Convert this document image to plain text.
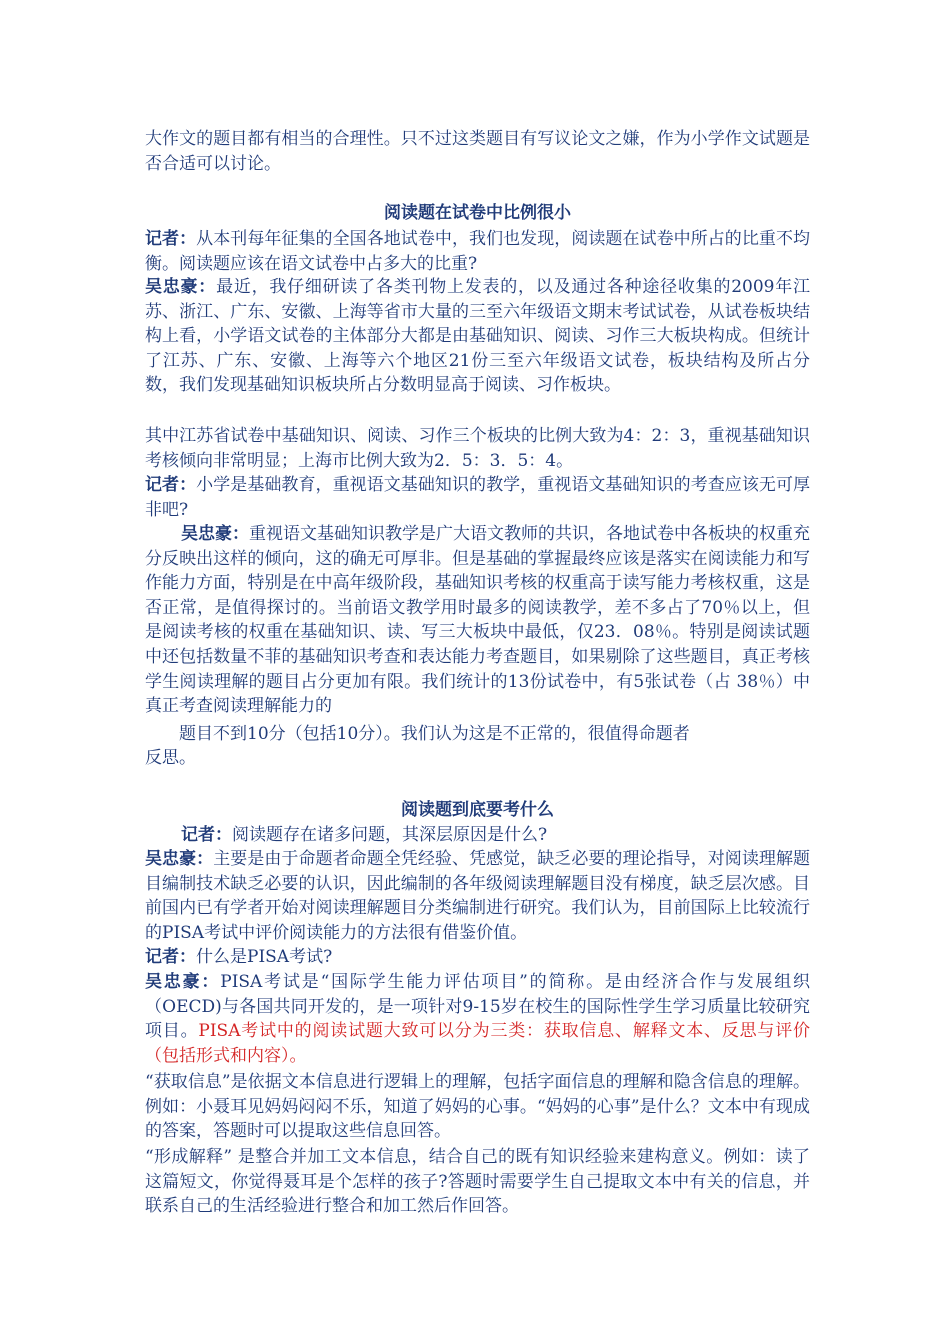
大作文的题目都有相当的合理性。只不过这类题目有写议论文之嫌，作为小学作文试题是否合适可以讨论。
阅读题在试卷中比例很小
记者：从本刊每年征集的全国各地试卷中，我们也发现，阅读题在试卷中所占的比重不均衡。阅读题应该在语文试卷中占多大的比重?
吴忠豪：最近，我仔细研读了各类刊物上发表的，以及通过各种途径收集的2009年江苏、浙江、广东、安徽、上海等省市大量的三至六年级语文期末考试试卷，从试卷板块结构上看，小学语文试卷的主体部分大都是由基础知识、阅读、习作三大板块构成。但统计了江苏、广东、安徽、上海等六个地区21份三至六年级语文试卷，板块结构及所占分数，我们发现基础知识板块所占分数明显高于阅读、习作板块。
其中江苏省试卷中基础知识、阅读、习作三个板块的比例大致为4：2：3，重视基础知识考核倾向非常明显；上海市比例大致为2．5：3．5：4。
记者：小学是基础教育，重视语文基础知识的教学，重视语文基础知识的考查应该无可厚非吧?
吴忠豪：重视语文基础知识教学是广大语文教师的共识，各地试卷中各板块的权重充分反映出这样的倾向，这的确无可厚非。但是基础的掌握最终应该是落实在阅读能力和写作能力方面，特别是在中高年级阶段，基础知识考核的权重高于读写能力考核权重，这是否正常，是值得探讨的。当前语文教学用时最多的阅读教学，差不多占了70％以上，但是阅读考核的权重在基础知识、读、写三大板块中最低，仅23．08％。特别是阅读试题中还包括数量不菲的基础知识考查和表达能力考查题目，如果剔除了这些题目，真正考核学生阅读理解的题目占分更加有限。我们统计的13份试卷中，有5张试卷（占 38％）中真正考查阅读理解能力的
题目不到10分（包括10分）。我们认为这是不正常的，很值得命题者
反思。
阅读题到底要考什么
记者：阅读题存在诸多问题，其深层原因是什么?
吴忠豪：主要是由于命题者命题全凭经验、凭感觉，缺乏必要的理论指导，对阅读理解题目编制技术缺乏必要的认识，因此编制的各年级阅读理解题目没有梯度，缺乏层次感。目前国内已有学者开始对阅读理解题目分类编制进行研究。我们认为，目前国际上比较流行的PISA考试中评价阅读能力的方法很有借鉴价值。
记者：什么是PISA考试?
吴忠豪：PISA考试是“国际学生能力评估项目”的简称。是由经济合作与发展组织（OECD)与各国共同开发的，是一项针对9-15岁在校生的国际性学生学习质量比较研究项目。PISA考试中的阅读试题大致可以分为三类：获取信息、解释文本、反思与评价（包括形式和内容）。
“获取信息”是依据文本信息进行逻辑上的理解，包括字面信息的理解和隐含信息的理解。例如：小聂耳见妈妈闷闷不乐，知道了妈妈的心事。“妈妈的心事”是什么？文本中有现成的答案，答题时可以提取这些信息回答。
“形成解释” 是整合并加工文本信息，结合自己的既有知识经验来建构意义。例如：读了这篇短文，你觉得聂耳是个怎样的孩子?答题时需要学生自己提取文本中有关的信息，并联系自己的生活经验进行整合和加工然后作回答。
